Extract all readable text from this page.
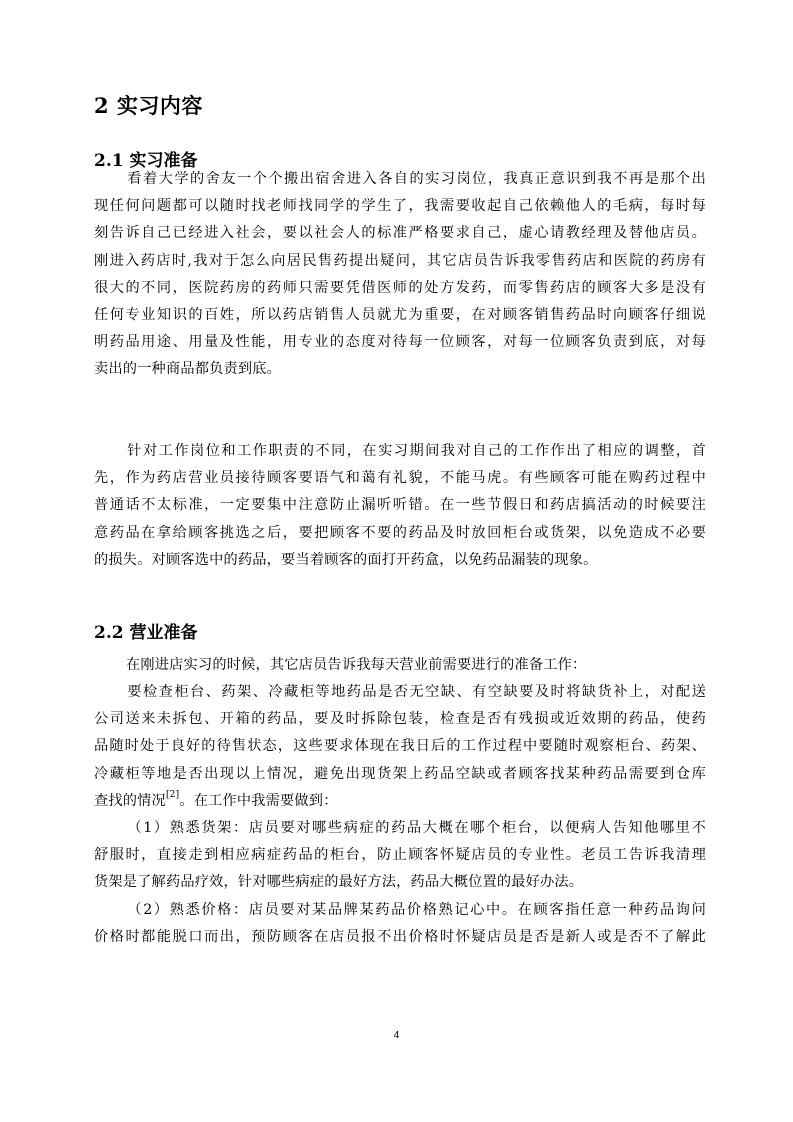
2 实习内容
2.1 实习准备
看着大学的舍友一个个搬出宿舍进入各自的实习岗位，我真正意识到我不再是那个出
现任何问题都可以随时找老师找同学的学生了，我需要收起自己依赖他人的毛病，每时每
刻告诉自己已经进入社会，要以社会人的标准严格要求自己，虚心请教经理及替他店员。
刚进入药店时,我对于怎么向居民售药提出疑问，其它店员告诉我零售药店和医院的药房有
很大的不同，医院药房的药师只需要凭借医师的处方发药，而零售药店的顾客大多是没有
任何专业知识的百姓，所以药店销售人员就尤为重要，在对顾客销售药品时向顾客仔细说
明药品用途、用量及性能，用专业的态度对待每一位顾客，对每一位顾客负责到底，对每
卖出的一种商品都负责到底。
针对工作岗位和工作职责的不同，在实习期间我对自己的工作作出了相应的调整，首
先，作为药店营业员接待顾客要语气和蔼有礼貌，不能马虎。有些顾客可能在购药过程中
普通话不太标准，一定要集中注意防止漏听听错。在一些节假日和药店搞活动的时候要注
意药品在拿给顾客挑选之后，要把顾客不要的药品及时放回柜台或货架，以免造成不必要
的损失。对顾客选中的药品，要当着顾客的面打开药盒，以免药品漏装的现象。
2.2 营业准备
在刚进店实习的时候，其它店员告诉我每天营业前需要进行的准备工作：
要检查柜台、药架、冷藏柜等地药品是否无空缺、有空缺要及时将缺货补上，对配送
公司送来未拆包、开箱的药品，要及时拆除包装，检查是否有残损或近效期的药品，使药
品随时处于良好的待售状态，这些要求体现在我日后的工作过程中要随时观察柜台、药架、
冷藏柜等地是否出现以上情况，避免出现货架上药品空缺或者顾客找某种药品需要到仓库
查找的情况[2]。在工作中我需要做到：
（1）熟悉货架：店员要对哪些病症的药品大概在哪个柜台，以便病人告知他哪里不
舒服时，直接走到相应病症药品的柜台，防止顾客怀疑店员的专业性。老员工告诉我清理
货架是了解药品疗效，针对哪些病症的最好方法，药品大概位置的最好办法。
（2）熟悉价格：店员要对某品牌某药品价格熟记心中。在顾客指任意一种药品询问
价格时都能脱口而出，预防顾客在店员报不出价格时怀疑店员是否是新人或是否不了解此
4
